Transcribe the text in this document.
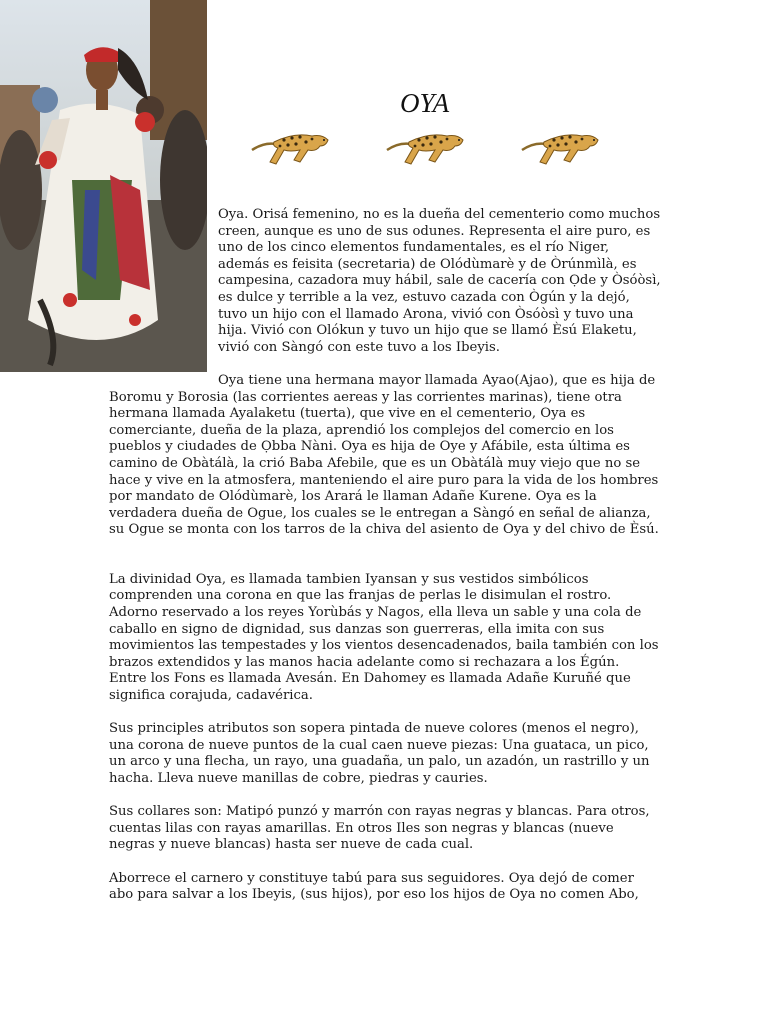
OYA

Oya. Orisá femenino, no es la dueña del cementerio como muchos creen, aunque es uno de sus odunes. Representa el aire puro, es uno de los cinco elementos fundamentales, es el río Niger, además es feisita (secretaria) de Olódùmarè y de Òrúnmìlà, es campesina, cazadora muy hábil, sale de cacería con Ọde y Òsóòsì, es dulce y terrible a la vez, estuvo cazada con Ògún y la dejó, tuvo un hijo con el llamado Arona, vivió con Òsóòsì y tuvo una hija. Vivió con Olókun y tuvo un hijo que se llamó Èsú Elaketu, vivió con Sàngó con este tuvo a los Ibeyis.

Oya tiene una hermana mayor llamada Ayao(Ajao), que es hija de Boromu y Borosia (las corrientes aereas y las corrientes marinas), tiene otra hermana llamada Ayalaketu (tuerta), que vive en el cementerio, Oya es comerciante, dueña de la plaza, aprendió los complejos del comercio en los pueblos y ciudades de Ọbba Nàni. Oya es hija de Oye y Afábile, esta última es camino de Obàtálà, la crió Baba Afebile, que es un Obàtálà muy viejo que no se hace y vive en la atmosfera, manteniendo el aire puro para la vida de los hombres por mandato de Olódùmarè, los Arará le llaman Adañe Kurene. Oya es la verdadera dueña de Ogue, los cuales se le entregan a Sàngó en señal de alianza, su Ogue se monta con los tarros de la chiva del asiento de Oya y del chivo de Èsú.

La divinidad Oya, es llamada tambien Iyansan y sus vestidos simbólicos comprenden una corona en que las franjas de perlas le disimulan el rostro. Adorno reservado a los reyes Yorùbás y Nagos, ella lleva un sable y una cola de caballo en signo de dignidad, sus danzas son guerreras, ella imita con sus movimientos las tempestades y los vientos desencadenados, baila también con los brazos extendidos y las manos hacia adelante como si rechazara a los Égún. Entre los Fons es llamada Avesán. En Dahomey es llamada Adañe Kuruñé que significa corajuda, cadavérica.

Sus principles atributos son sopera pintada de nueve colores (menos el negro), una corona de nueve puntos de la cual caen nueve piezas: Una guataca, un pico, un arco y una flecha, un rayo, una guadaña, un palo, un azadón, un rastrillo y un hacha. Lleva nueve manillas de cobre, piedras y cauries.

Sus collares son: Matipó punzó y marrón con rayas negras y blancas. Para otros, cuentas lilas con rayas amarillas. En otros Iles son negras y blancas (nueve negras y nueve blancas) hasta ser nueve de cada cual.

Aborrece el carnero y constituye tabú para sus seguidores. Oya dejó de comer abo para salvar a los Ibeyis, (sus hijos), por eso los hijos de Oya no comen Abo,
